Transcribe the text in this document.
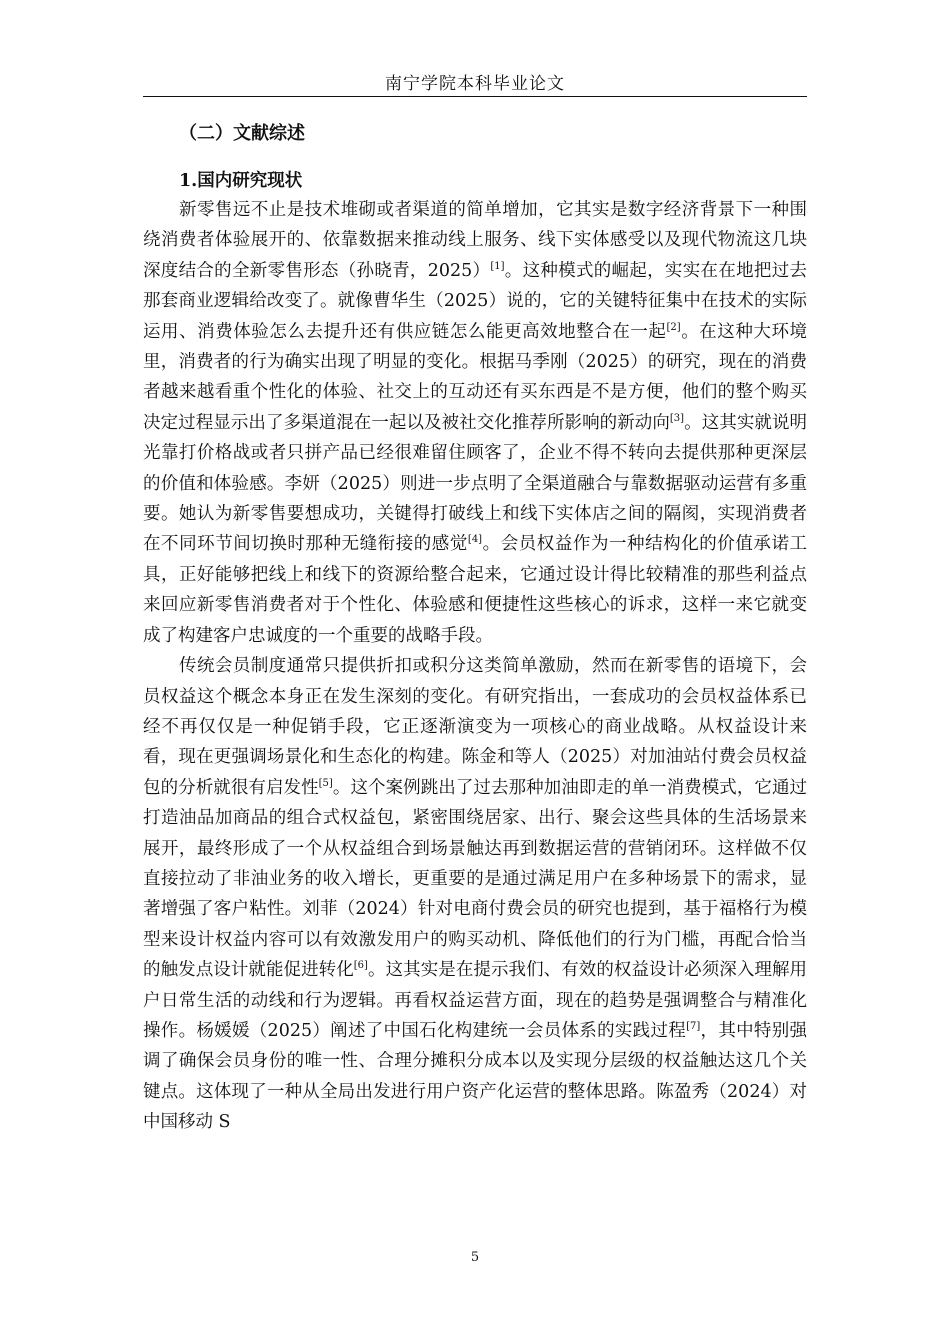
南宁学院本科毕业论文
（二）文献综述
1.国内研究现状

新零售远不止是技术堆砌或者渠道的简单增加，它其实是数字经济背景下一种围绕消费者体验展开的、依靠数据来推动线上服务、线下实体感受以及现代物流这几块深度结合的全新零售形态（孙晓青，2025）[1]。这种模式的崛起，实实在在地把过去那套商业逻辑给改变了。就像曹华生（2025）说的，它的关键特征集中在技术的实际运用、消费体验怎么去提升还有供应链怎么能更高效地整合在一起[2]。在这种大环境里，消费者的行为确实出现了明显的变化。根据马季刚（2025）的研究，现在的消费者越来越看重个性化的体验、社交上的互动还有买东西是不是方便，他们的整个购买决定过程显示出了多渠道混在一起以及被社交化推荐所影响的新动向[3]。这其实就说明光靠打价格战或者只拼产品已经很难留住顾客了，企业不得不转向去提供那种更深层的价值和体验感。李妍（2025）则进一步点明了全渠道融合与靠数据驱动运营有多重要。她认为新零售要想成功，关键得打破线上和线下实体店之间的隔阂，实现消费者在不同环节间切换时那种无缝衔接的感觉[4]。会员权益作为一种结构化的价值承诺工具，正好能够把线上和线下的资源给整合起来，它通过设计得比较精准的那些利益点来回应新零售消费者对于个性化、体验感和便捷性这些核心的诉求，这样一来它就变成了构建客户忠诚度的一个重要的战略手段。

传统会员制度通常只提供折扣或积分这类简单激励，然而在新零售的语境下，会员权益这个概念本身正在发生深刻的变化。有研究指出，一套成功的会员权益体系已经不再仅仅是一种促销手段，它正逐渐演变为一项核心的商业战略。从权益设计来看，现在更强调场景化和生态化的构建。陈金和等人（2025）对加油站付费会员权益包的分析就很有启发性[5]。这个案例跳出了过去那种加油即走的单一消费模式，它通过打造油品加商品的组合式权益包，紧密围绕居家、出行、聚会这些具体的生活场景来展开，最终形成了一个从权益组合到场景触达再到数据运营的营销闭环。这样做不仅直接拉动了非油业务的收入增长，更重要的是通过满足用户在多种场景下的需求，显著增强了客户粘性。刘菲（2024）针对电商付费会员的研究也提到，基于福格行为模型来设计权益内容可以有效激发用户的购买动机、降低他们的行为门槛，再配合恰当的触发点设计就能促进转化[6]。这其实是在提示我们、有效的权益设计必须深入理解用户日常生活的动线和行为逻辑。再看权益运营方面，现在的趋势是强调整合与精准化操作。杨媛媛（2025）阐述了中国石化构建统一会员体系的实践过程[7]，其中特别强调了确保会员身份的唯一性、合理分摊积分成本以及实现分层级的权益触达这几个关键点。这体现了一种从全局出发进行用户资产化运营的整体思路。陈盈秀（2024）对中国移动 S

5
